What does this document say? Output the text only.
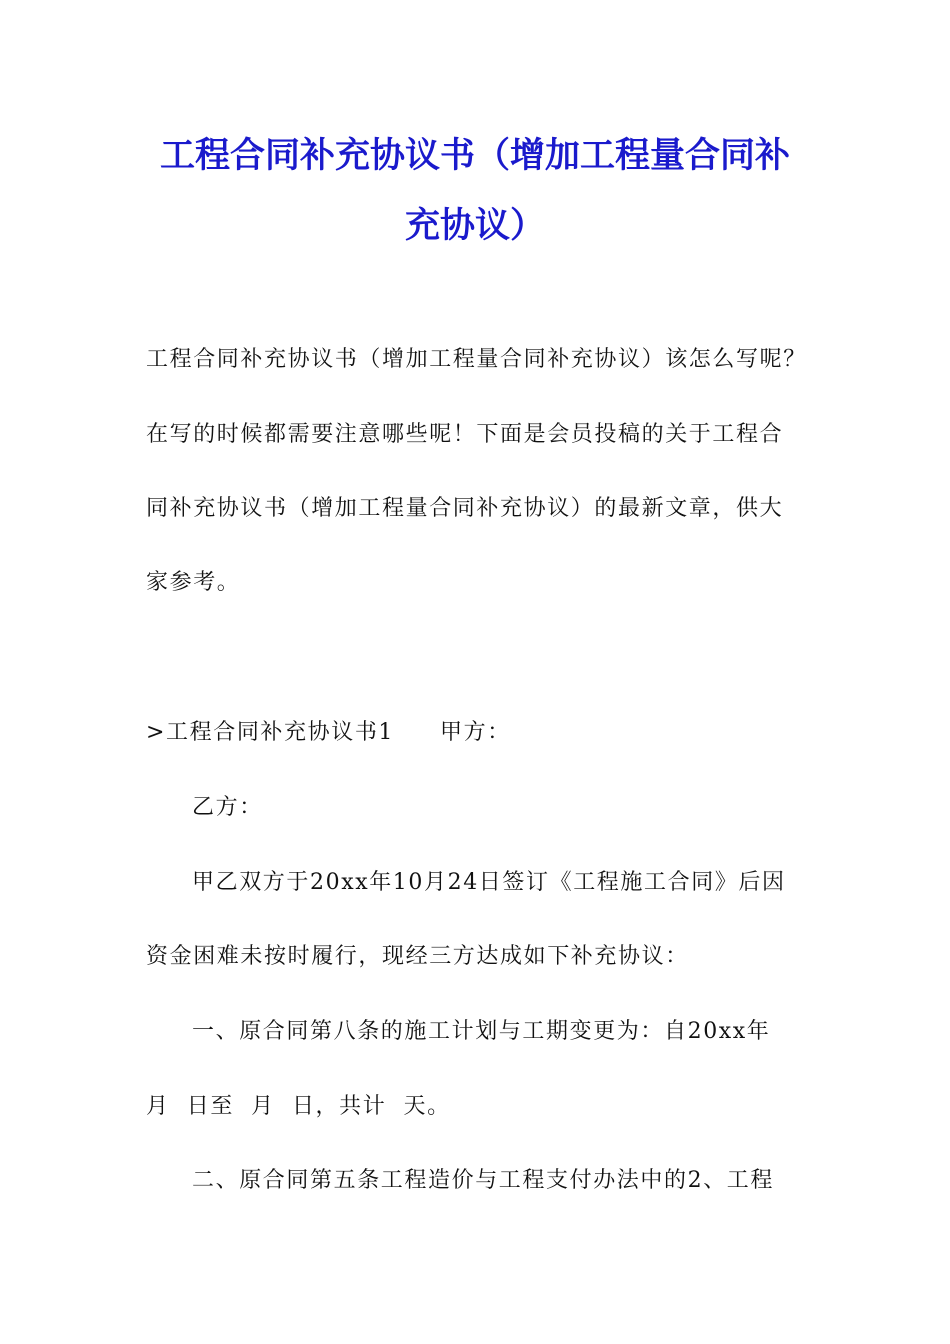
工程合同补充协议书（增加工程量合同补
充协议）
工程合同补充协议书（增加工程量合同补充协议）该怎么写呢？
在写的时候都需要注意哪些呢！下面是会员投稿的关于工程合
同补充协议书（增加工程量合同补充协议）的最新文章，供大
家参考。
>工程合同补充协议书1 甲方：
乙方：
甲乙双方于20xx年10月24日签订《工程施工合同》后因
资金困难未按时履行，现经三方达成如下补充协议：
一、原合同第八条的施工计划与工期变更为：自20xx年
月  日至  月  日，共计  天。
二、原合同第五条工程造价与工程支付办法中的2、工程
